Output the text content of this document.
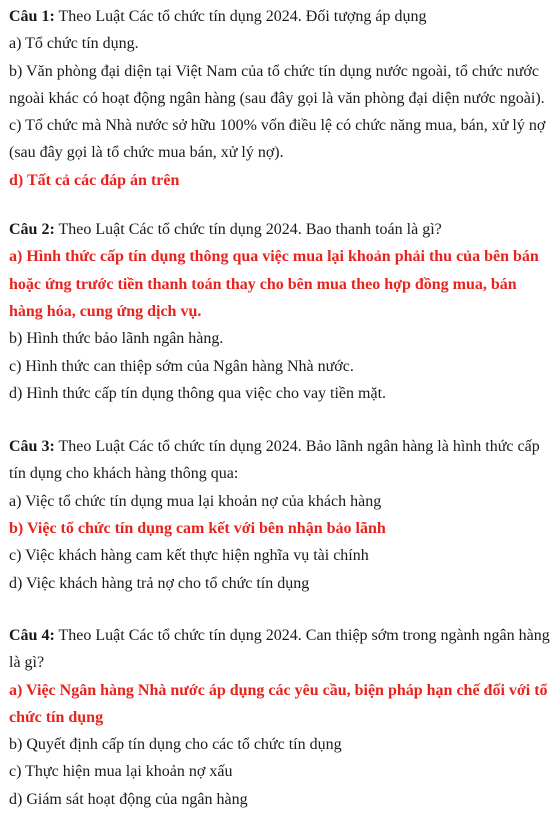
Câu 1: Theo Luật Các tổ chức tín dụng 2024. Đối tượng áp dụng

a) Tổ chức tín dụng.

b) Văn phòng đại diện tại Việt Nam của tổ chức tín dụng nước ngoài, tổ chức nước ngoài khác có hoạt động ngân hàng (sau đây gọi là văn phòng đại diện nước ngoài).

c) Tổ chức mà Nhà nước sở hữu 100% vốn điều lệ có chức năng mua, bán, xử lý nợ (sau đây gọi là tổ chức mua bán, xử lý nợ).

d) Tất cả các đáp án trên

Câu 2: Theo Luật Các tổ chức tín dụng 2024. Bao thanh toán là gì?

a) Hình thức cấp tín dụng thông qua việc mua lại khoản phải thu của bên bán hoặc ứng trước tiền thanh toán thay cho bên mua theo hợp đồng mua, bán hàng hóa, cung ứng dịch vụ.

b) Hình thức bảo lãnh ngân hàng.

c) Hình thức can thiệp sớm của Ngân hàng Nhà nước.

d) Hình thức cấp tín dụng thông qua việc cho vay tiền mặt.

Câu 3: Theo Luật Các tổ chức tín dụng 2024. Bảo lãnh ngân hàng là hình thức cấp tín dụng cho khách hàng thông qua:

a) Việc tổ chức tín dụng mua lại khoản nợ của khách hàng

b) Việc tổ chức tín dụng cam kết với bên nhận bảo lãnh

c) Việc khách hàng cam kết thực hiện nghĩa vụ tài chính

d) Việc khách hàng trả nợ cho tổ chức tín dụng

Câu 4: Theo Luật Các tổ chức tín dụng 2024. Can thiệp sớm trong ngành ngân hàng là gì?

a) Việc Ngân hàng Nhà nước áp dụng các yêu cầu, biện pháp hạn chế đối với tổ chức tín dụng

b) Quyết định cấp tín dụng cho các tổ chức tín dụng

c) Thực hiện mua lại khoản nợ xấu

d) Giám sát hoạt động của ngân hàng
